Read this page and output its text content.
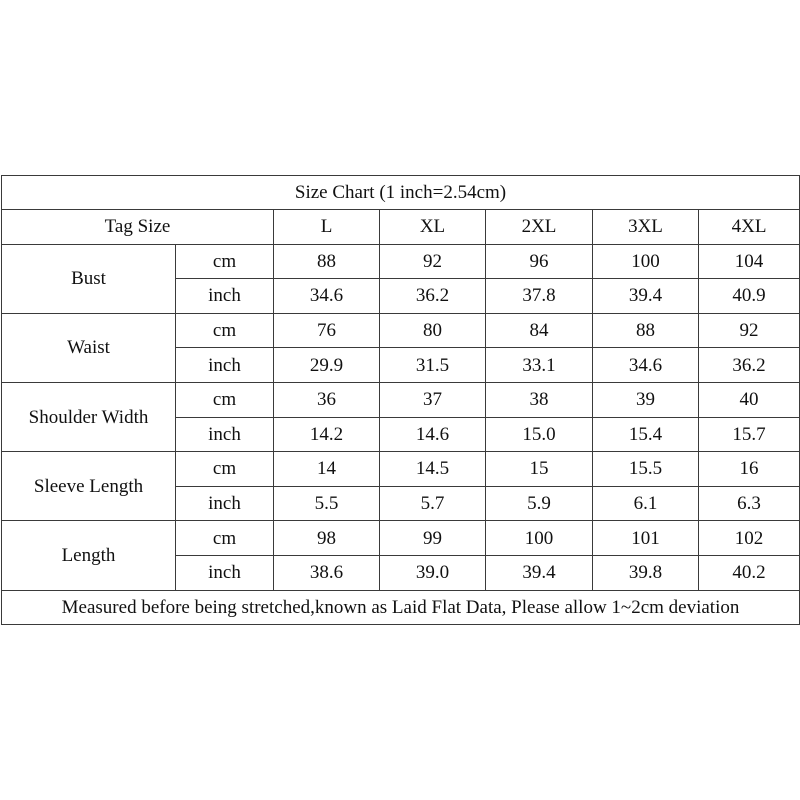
Size Chart (1 inch=2.54cm)						
Tag Size		L	XL	2XL	3XL	4XL
Bust	cm	88	92	96	100	104
	inch	34.6	36.2	37.8	39.4	40.9
Waist	cm	76	80	84	88	92
	inch	29.9	31.5	33.1	34.6	36.2
Shoulder Width	cm	36	37	38	39	40
	inch	14.2	14.6	15.0	15.4	15.7
Sleeve Length	cm	14	14.5	15	15.5	16
	inch	5.5	5.7	5.9	6.1	6.3
Length	cm	98	99	100	101	102
	inch	38.6	39.0	39.4	39.8	40.2
Measured before being stretched,known as Laid Flat Data, Please allow 1~2cm deviation						
